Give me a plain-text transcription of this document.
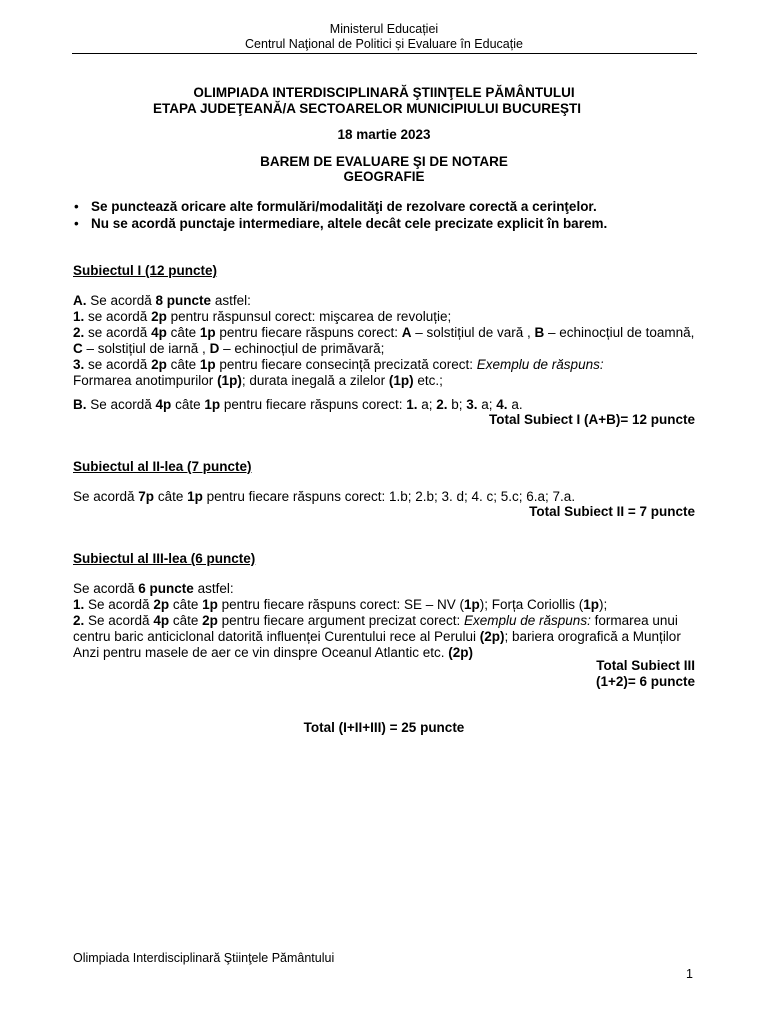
Ministerul Educației
Centrul Naţional de Politici și Evaluare în Educație
OLIMPIADA INTERDISCIPLINARĂ ŞTIINŢELE PĂMÂNTULUI
ETAPA JUDEŢEANĂ/A SECTOARELOR MUNICIPIULUI BUCUREŞTI
18 martie 2023
BAREM DE EVALUARE ŞI DE NOTARE
GEOGRAFIE
• Se punctează oricare alte formulări/modalităţi de rezolvare corectă a cerinţelor.
• Nu se acordă punctaje intermediare, altele decât cele precizate explicit în barem.
Subiectul I (12 puncte)
A. Se acordă 8 puncte astfel:
1. se acordă 2p pentru răspunsul corect: mişcarea de revoluție;
2. se acordă 4p câte 1p pentru fiecare răspuns corect: A – solstițiul de vară , B – echinocțiul de toamnă, C – solstițiul de iarnă , D – echinocțiul de primăvară;
3. se acordă 2p câte 1p pentru fiecare consecință precizată corect: Exemplu de răspuns:
Formarea anotimpurilor (1p); durata inegală a zilelor (1p) etc.;
B. Se acordă 4p câte 1p pentru fiecare răspuns corect: 1. a; 2. b; 3. a; 4. a.
Total Subiect I (A+B)= 12 puncte
Subiectul al II-lea (7 puncte)
Se acordă 7p câte 1p pentru fiecare răspuns corect: 1.b; 2.b; 3. d; 4. c; 5.c; 6.a; 7.a.
Total Subiect II = 7 puncte
Subiectul al III-lea (6 puncte)
Se acordă 6 puncte astfel:
1. Se acordă 2p câte 1p pentru fiecare răspuns corect: SE – NV (1p); Forța Coriollis (1p);
2. Se acordă 4p câte 2p pentru fiecare argument precizat corect: Exemplu de răspuns: formarea unui centru baric anticiclonal datorită influenței Curentului rece al Perului (2p); bariera orografică a Munților Anzi pentru masele de aer ce vin dinspre Oceanul Atlantic etc. (2p)
Total Subiect III
(1+2)= 6 puncte
Total (I+II+III) = 25 puncte
Olimpiada Interdisciplinară Ştiinţele Pământului
1
